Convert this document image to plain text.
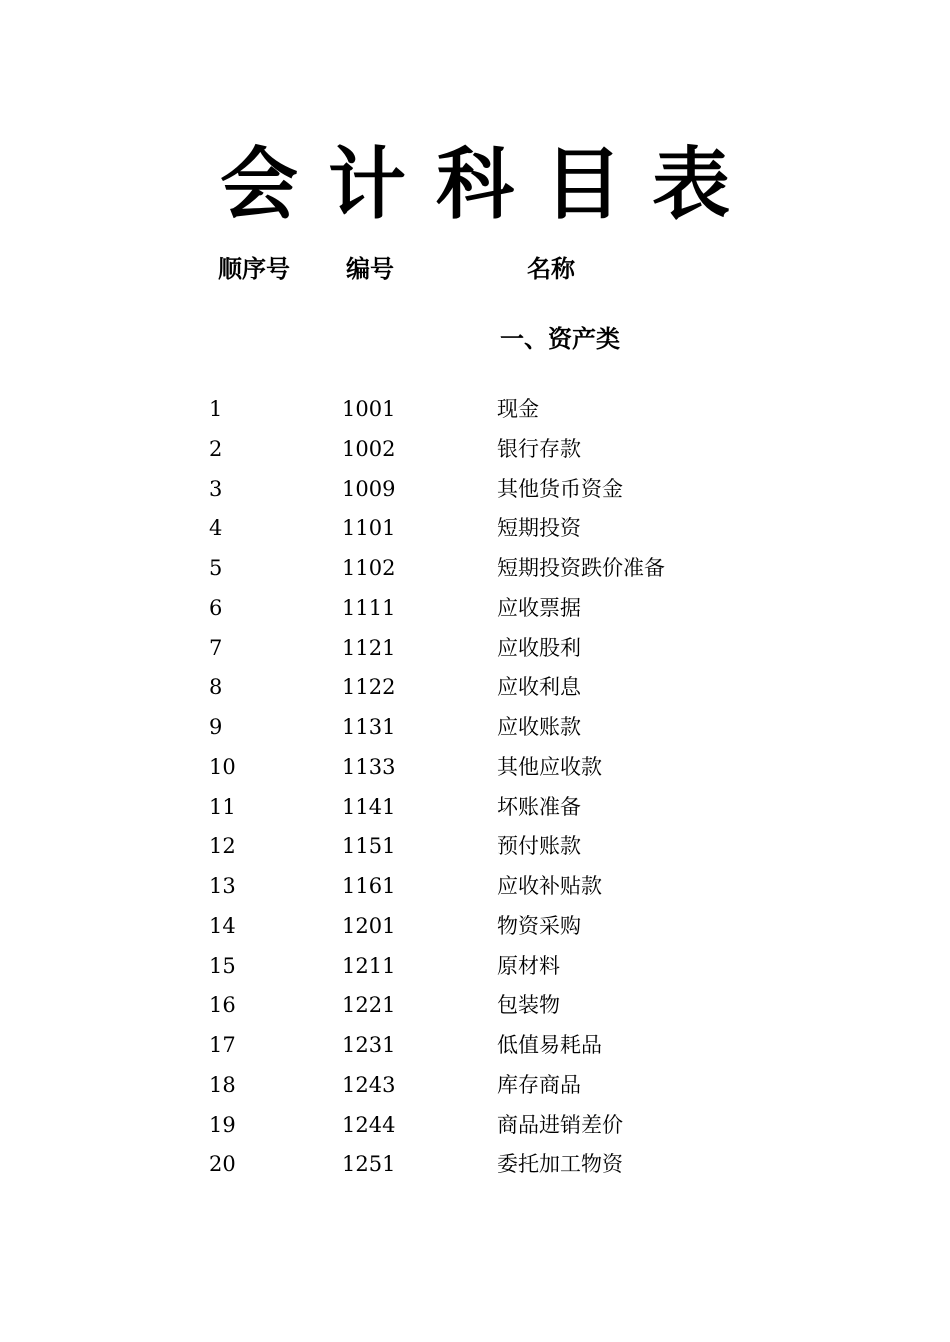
会计科目表
顺序号 编号	名称
一、资产类
1	1001	现金
2	1002	银行存款
3	1009	其他货币资金
4	1101	短期投资
5	1102	短期投资跌价准备
6	1111	应收票据
7	1121	应收股利
8	1122	应收利息
9	1131	应收账款
10	1133	其他应收款
11	1141	坏账准备
12	1151	预付账款
13	1161	应收补贴款
14	1201	物资采购
15	1211	原材料
16	1221	包装物
17	1231	低值易耗品
18	1243	库存商品
19	1244	商品进销差价
20	1251	委托加工物资
